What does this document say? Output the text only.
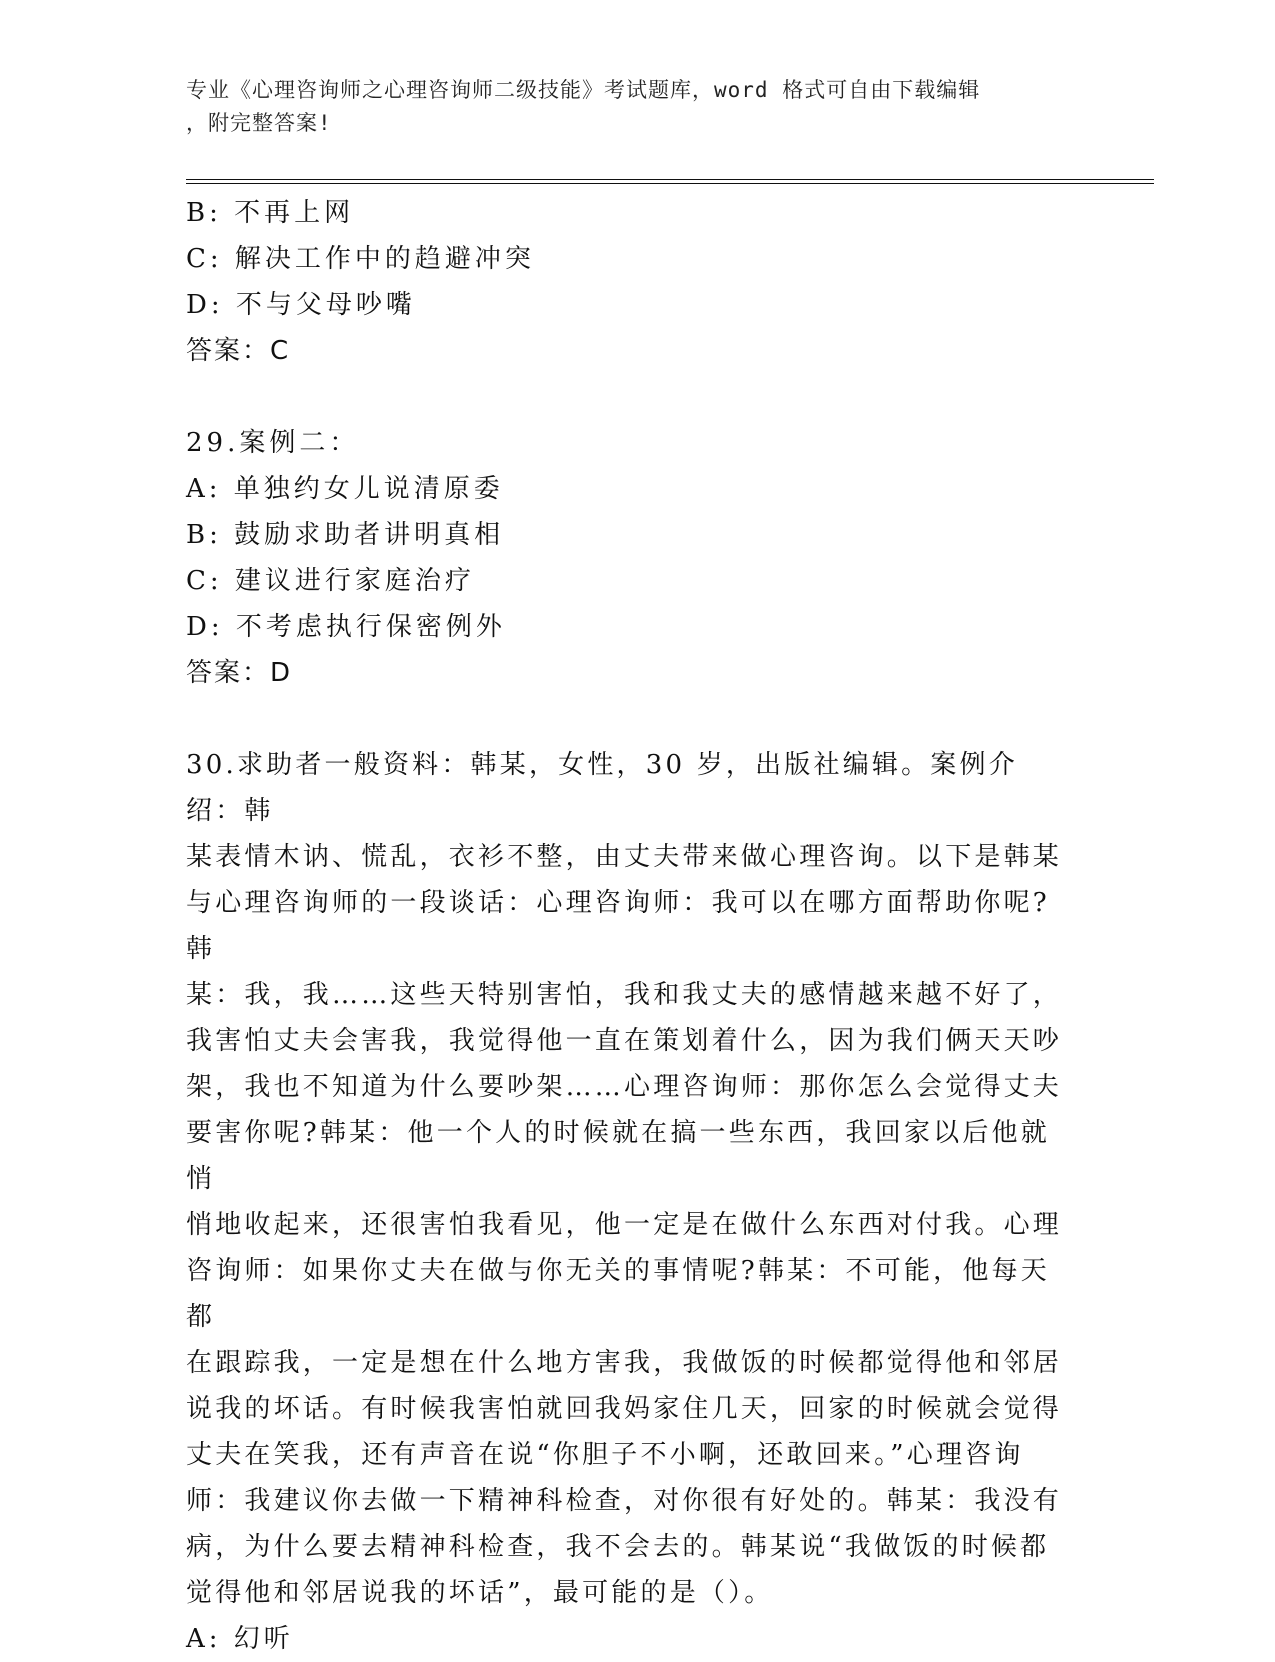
专业《心理咨询师之心理咨询师二级技能》考试题库，word 格式可自由下载编辑
，附完整答案!
B: 不再上网
C: 解决工作中的趋避冲突
D: 不与父母吵嘴
答案：C
29.案例二：
A: 单独约女儿说清原委
B: 鼓励求助者讲明真相
C: 建议进行家庭治疗
D: 不考虑执行保密例外
答案：D
30.求助者一般资料：韩某，女性，30 岁，出版社编辑。案例介绍：韩
某表情木讷、慌乱，衣衫不整，由丈夫带来做心理咨询。以下是韩某
与心理咨询师的一段谈话：心理咨询师：我可以在哪方面帮助你呢?韩
某：我，我……这些天特别害怕，我和我丈夫的感情越来越不好了，
我害怕丈夫会害我，我觉得他一直在策划着什么，因为我们俩天天吵
架，我也不知道为什么要吵架……心理咨询师：那你怎么会觉得丈夫
要害你呢?韩某：他一个人的时候就在搞一些东西，我回家以后他就悄
悄地收起来，还很害怕我看见，他一定是在做什么东西对付我。心理
咨询师：如果你丈夫在做与你无关的事情呢?韩某：不可能，他每天都
在跟踪我，一定是想在什么地方害我，我做饭的时候都觉得他和邻居
说我的坏话。有时候我害怕就回我妈家住几天，回家的时候就会觉得
丈夫在笑我，还有声音在说“你胆子不小啊，还敢回来。”心理咨询
师：我建议你去做一下精神科检查，对你很有好处的。韩某：我没有
病，为什么要去精神科检查，我不会去的。韩某说“我做饭的时候都
觉得他和邻居说我的坏话”，最可能的是（）。
A: 幻听
